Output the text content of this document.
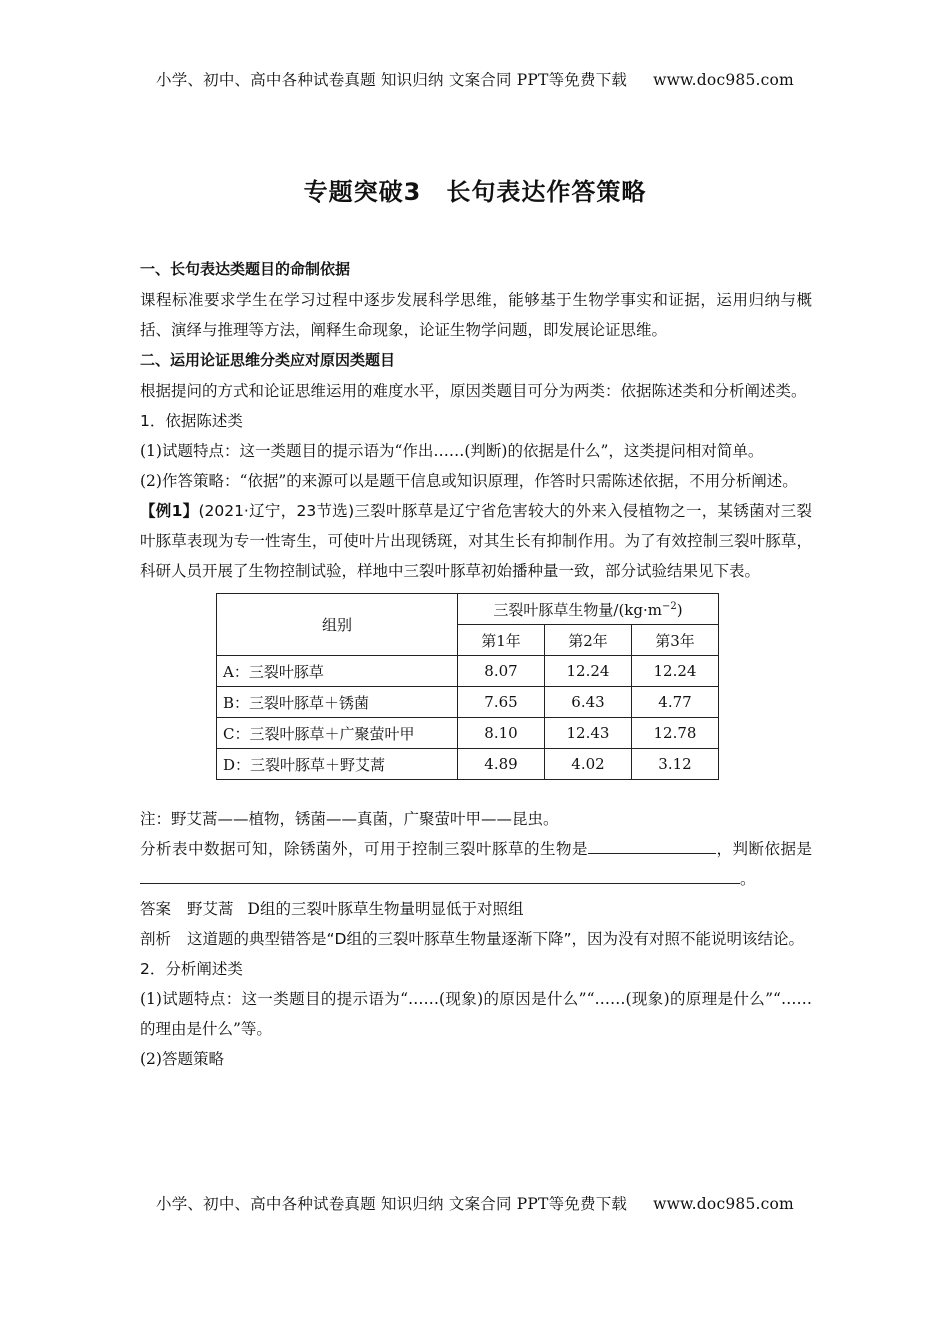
小学、初中、高中各种试卷真题 知识归纳 文案合同 PPT等免费下载 www.doc985.com
专题突破3　长句表达作答策略
一、长句表达类题目的命制依据

课程标准要求学生在学习过程中逐步发展科学思维，能够基于生物学事实和证据，运用归纳与概括、演绎与推理等方法，阐释生命现象，论证生物学问题，即发展论证思维。

二、运用论证思维分类应对原因类题目

根据提问的方式和论证思维运用的难度水平，原因类题目可分为两类：依据陈述类和分析阐述类。

1．依据陈述类

(1)试题特点：这一类题目的提示语为“作出……(判断)的依据是什么”，这类提问相对简单。

(2)作答策略：“依据”的来源可以是题干信息或知识原理，作答时只需陈述依据，不用分析阐述。

【例1】(2021·辽宁，23节选)三裂叶豚草是辽宁省危害较大的外来入侵植物之一，某锈菌对三裂叶豚草表现为专一性寄生，可使叶片出现锈斑，对其生长有抑制作用。为了有效控制三裂叶豚草，科研人员开展了生物控制试验，样地中三裂叶豚草初始播种量一致，部分试验结果见下表。

组别	三裂叶豚草生物量$/(kg\cdot m^{-2})$		
	第1年	第2年	第3年
A：三裂叶豚草	8.07	12.24	12.24
B：三裂叶豚草＋锈菌	7.65	6.43	4.77
C：三裂叶豚草＋广聚萤叶甲	8.10	12.43	12.78
D：三裂叶豚草＋野艾蒿	4.89	4.02	3.12

注：野艾蒿——植物，锈菌——真菌，广聚萤叶甲——昆虫。

分析表中数据可知，除锈菌外，可用于控制三裂叶豚草的生物是	，判断依据是。

答案 野艾蒿 D组的三裂叶豚草生物量明显低于对照组

剖析 这道题的典型错答是“D组的三裂叶豚草生物量逐渐下降”，因为没有对照不能说明该结论。

2．分析阐述类

(1)试题特点：这一类题目的提示语为“……(现象)的原因是什么”“……(现象)的原理是什么”“……的理由是什么”等。

(2)答题策略

小学、初中、高中各种试卷真题 知识归纳 文案合同 PPT等免费下载 www.doc985.com
